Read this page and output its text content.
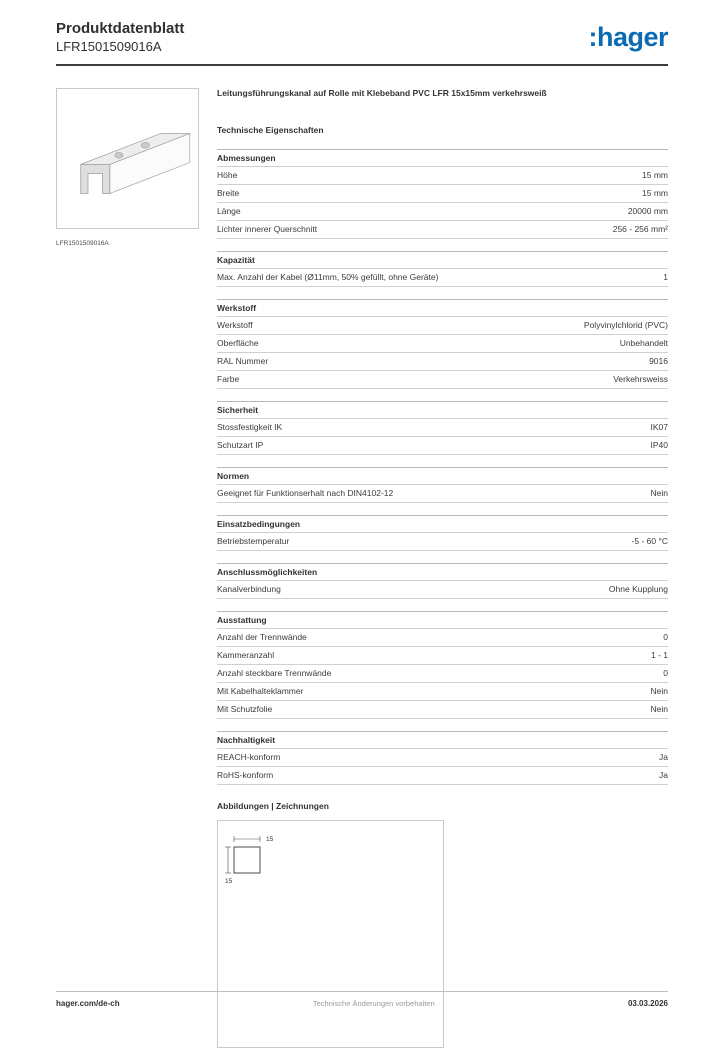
Produktdatenblatt
LFR1501509016A	:hager
LFR1501509016A
Leitungsführungskanal auf Rolle mit Klebeband PVC LFR 15x15mm verkehrsweiß
Technische Eigenschaften
Abmessungen
Höhe	15 mm
Breite	15 mm
Länge	20000 mm
Lichter innerer Querschnitt	256 - 256 mm²
Kapazität
Max. Anzahl der Kabel (Ø11mm, 50% gefüllt, ohne Geräte)	1
Werkstoff
Werkstoff	Polyvinylchlorid (PVC)
Oberfläche	Unbehandelt
RAL Nummer	9016
Farbe	Verkehrsweiss
Sicherheit
Stossfestigkeit IK	IK07
Schutzart IP	IP40
Normen
Geeignet für Funktionserhalt nach DIN4102-12	Nein
Einsatzbedingungen
Betriebstemperatur	-5 - 60 °C
Anschlussmöglichkeiten
Kanalverbindung	Ohne Kupplung
Ausstattung
Anzahl der Trennwände	0
Kammeranzahl	1 - 1
Anzahl steckbare Trennwände	0
Mit Kabelhalteklammer	Nein
Mit Schutzfolie	Nein
Nachhaltigkeit
REACH-konform	Ja
RoHS-konform	Ja
Abbildungen | Zeichnungen
15
15
hager.com/de-ch	Technische Änderungen vorbehalten	03.03.2026
